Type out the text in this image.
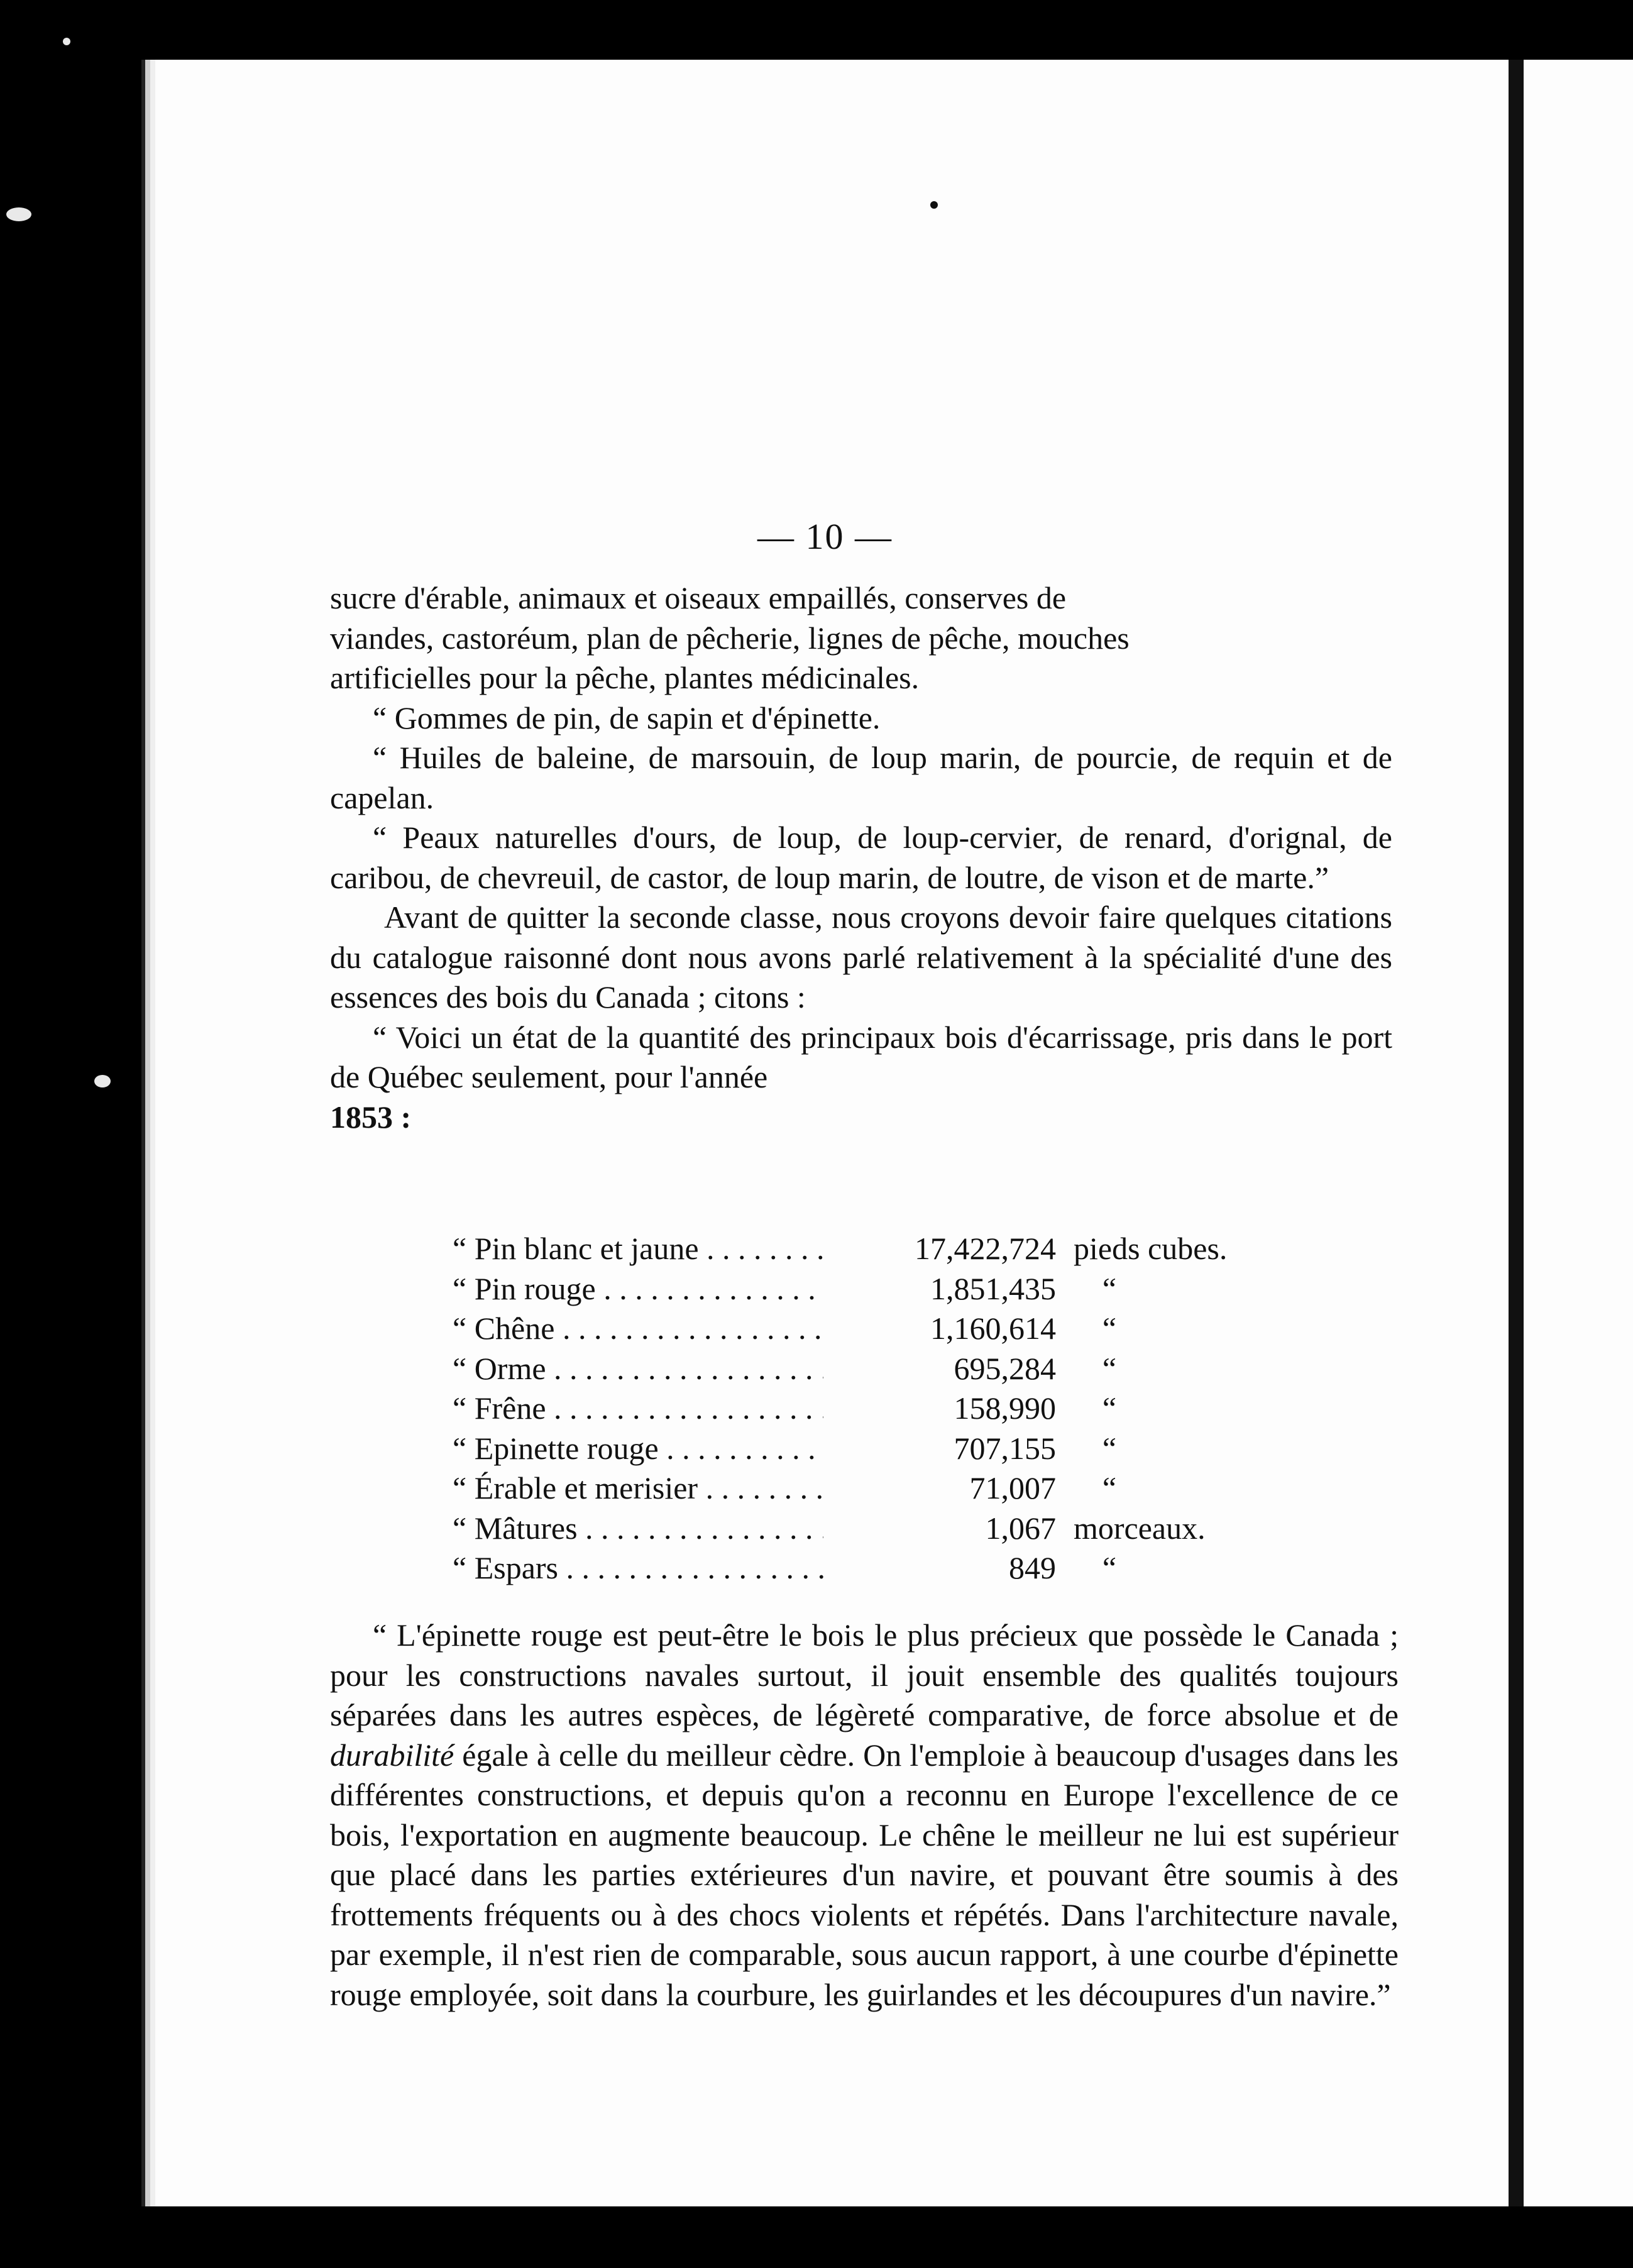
— 10 —

sucre d'érable, animaux et oiseaux empaillés, conserves de
viandes, castoréum, plan de pêcherie, lignes de pêche, mouches
artificielles pour la pêche, plantes médicinales.

“ Gommes de pin, de sapin et d'épinette.

“ Huiles de baleine, de marsouin, de loup marin, de pourcie, de requin et de capelan.

“ Peaux naturelles d'ours, de loup, de loup-cervier, de renard, d'orignal, de caribou, de chevreuil, de castor, de loup marin, de loutre, de vison et de marte.”

Avant de quitter la seconde classe, nous croyons devoir faire quelques citations du catalogue raisonné dont nous avons parlé relativement à la spécialité d'une des essences des bois du Canada ; citons :

“ Voici un état de la quantité des principaux bois d'écarrissage, pris dans le port de Québec seulement, pour l'année

1853 :

“ Pin blanc et jaune . . .	17,422,724 pieds cubes.
“ Pin rouge . . .	1,851,435	“
“ Chêne . . .	1,160,614	“
“ Orme . . .	695,284	“
“ Frêne . . .	158,990	“
“ Epinette rouge . . .	707,155	“
“ Érable et merisier . . .	71,007	“
“ Mâtures . . .	1,067 morceaux.
“ Espars . . .	849	“

“ L'épinette rouge est peut-être le bois le plus précieux que possède le Canada ; pour les constructions navales surtout, il jouit ensemble des qualités toujours séparées dans les autres espèces, de légèreté comparative, de force absolue et de durabilité égale à celle du meilleur cèdre. On l'emploie à beaucoup d'usages dans les différentes constructions, et depuis qu'on a reconnu en Europe l'excellence de ce bois, l'exportation en augmente beaucoup. Le chêne le meilleur ne lui est supérieur que placé dans les parties extérieures d'un navire, et pouvant être soumis à des frottements fréquents ou à des chocs violents et répétés. Dans l'architecture navale, par exemple, il n'est rien de comparable, sous aucun rapport, à une courbe d'épinette rouge employée, soit dans la courbure, les guirlandes et les découpures d'un navire.”
